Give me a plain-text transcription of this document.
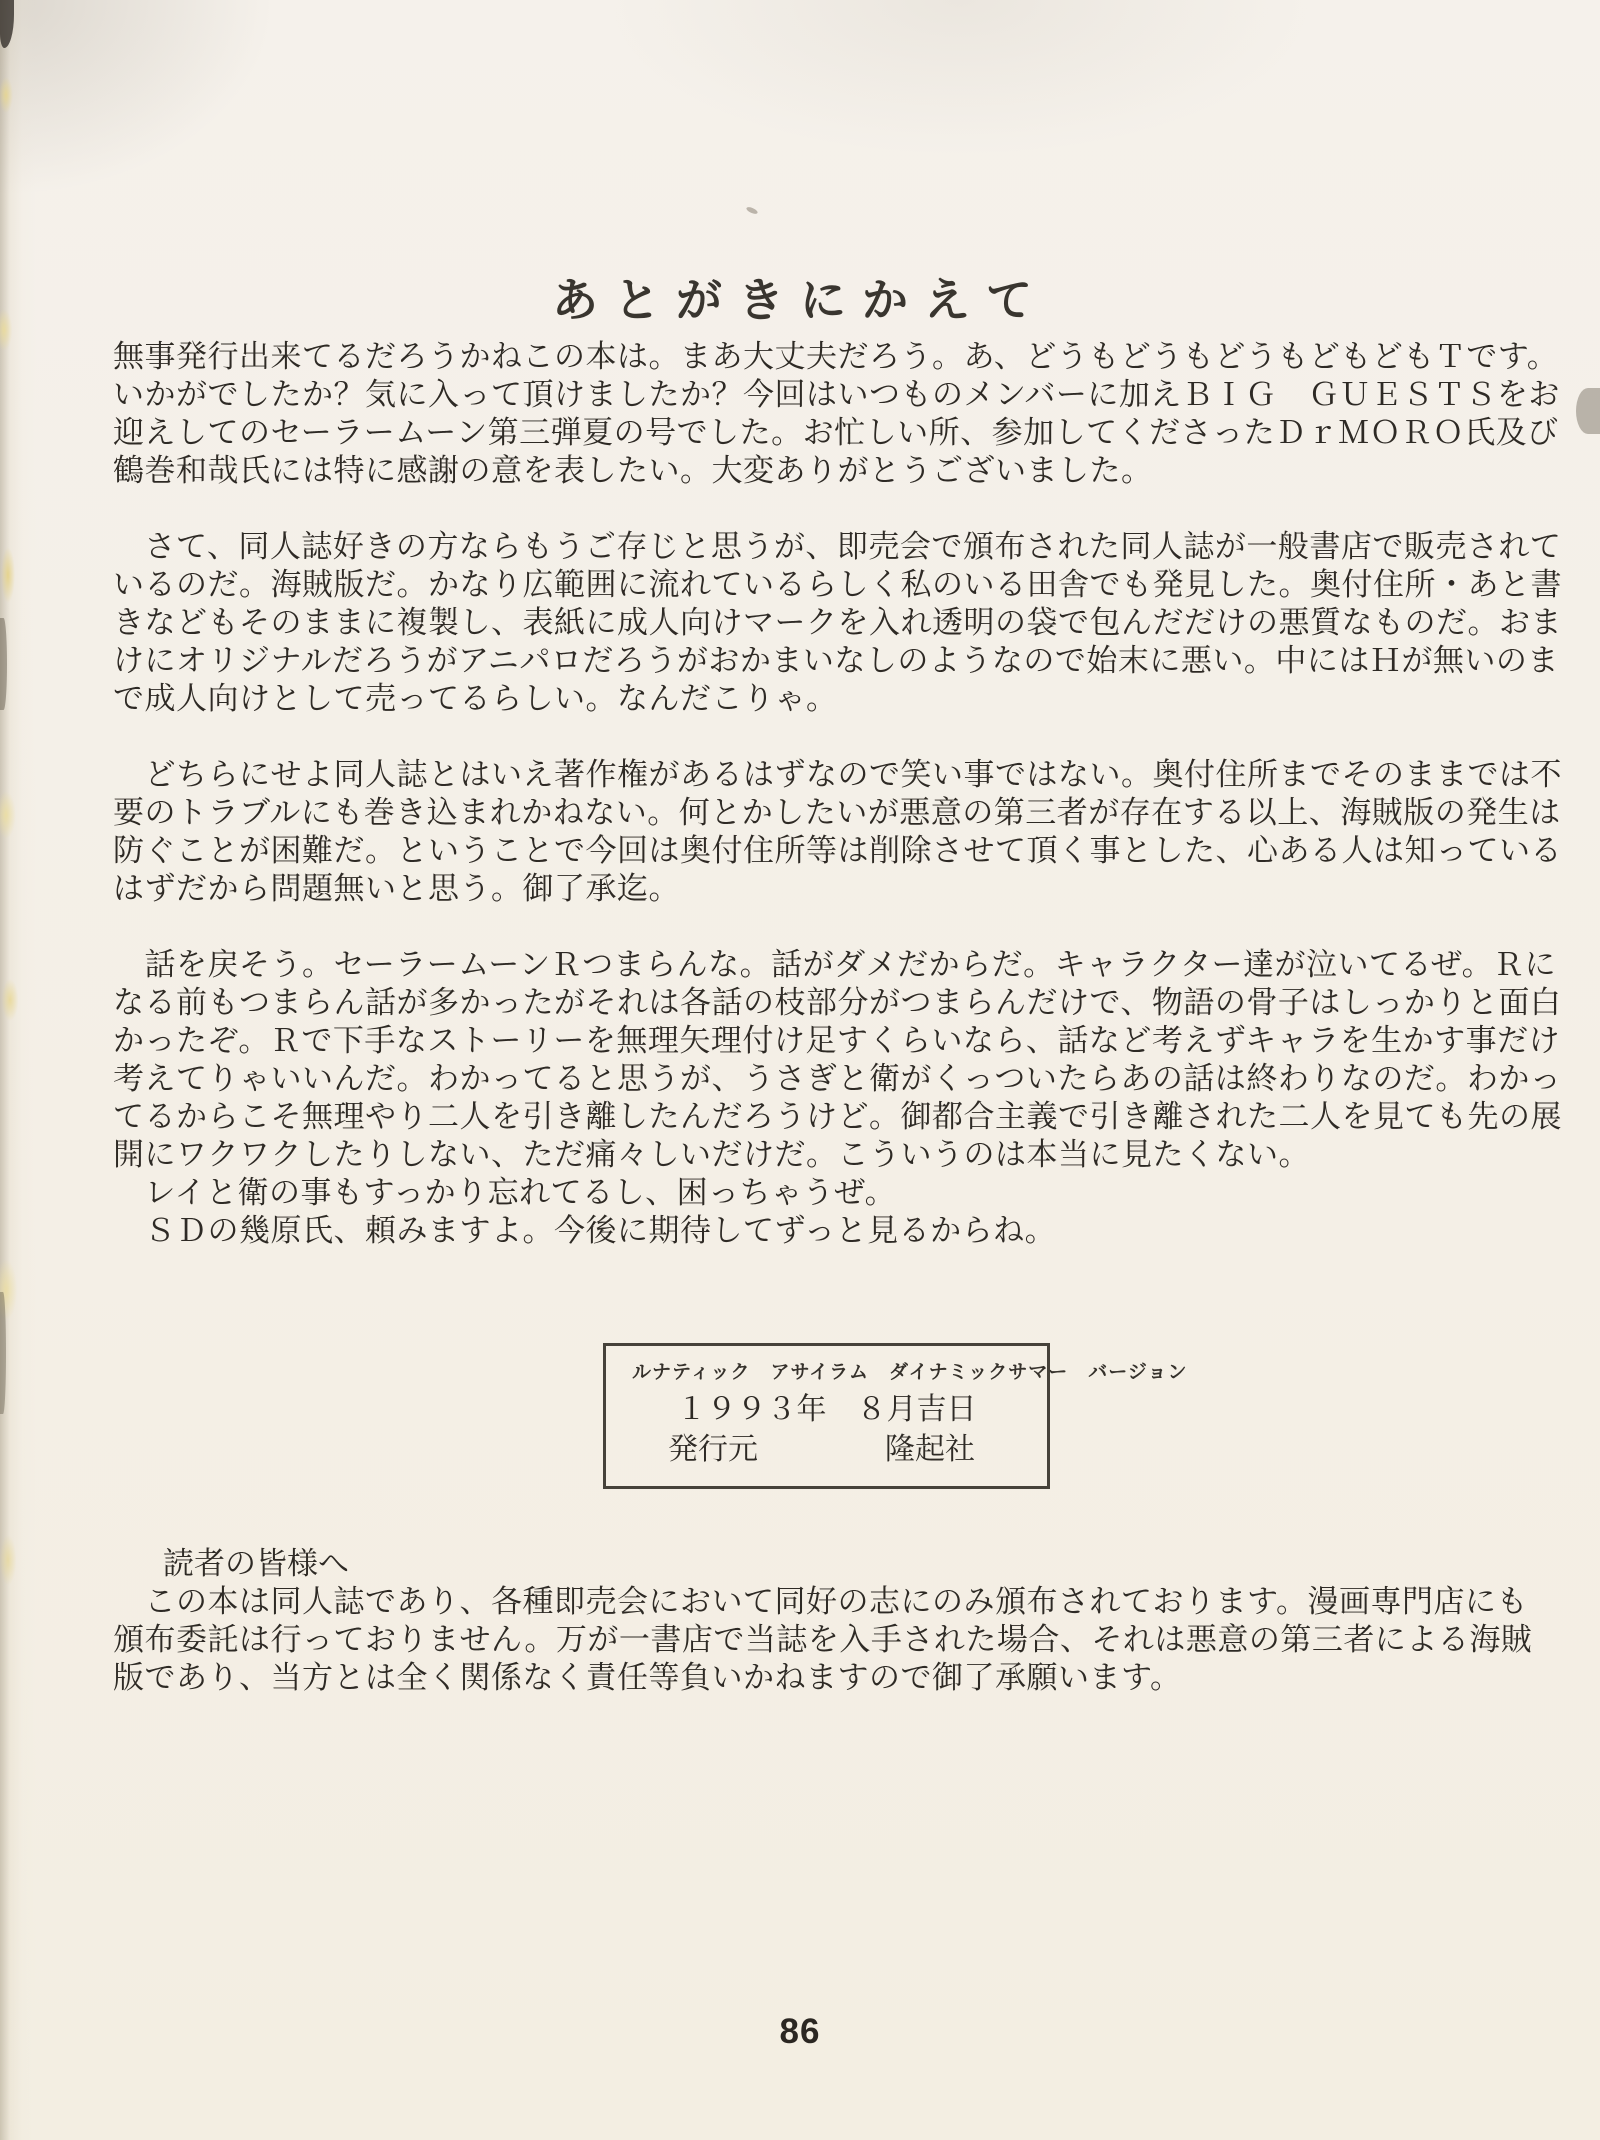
あとがきにかえて
無事発行出来てるだろうかねこの本は。まあ大丈夫だろう。あ、どうもどうもどうもどもどもＴです。
いかがでしたか？気に入って頂けましたか？今回はいつものメンバーに加えＢＩＧ　ＧＵＥＳＴＳをお
迎えしてのセーラームーン第三弾夏の号でした。お忙しい所、参加してくださったＤｒＭＯＲＯ氏及び
鶴巻和哉氏には特に感謝の意を表したい。大変ありがとうございました。
　さて、同人誌好きの方ならもうご存じと思うが、即売会で頒布された同人誌が一般書店で販売されて
いるのだ。海賊版だ。かなり広範囲に流れているらしく私のいる田舎でも発見した。奥付住所・あと書
きなどもそのままに複製し、表紙に成人向けマークを入れ透明の袋で包んだだけの悪質なものだ。おま
けにオリジナルだろうがアニパロだろうがおかまいなしのようなので始末に悪い。中にはＨが無いのま
で成人向けとして売ってるらしい。なんだこりゃ。
　どちらにせよ同人誌とはいえ著作権があるはずなので笑い事ではない。奥付住所までそのままでは不
要のトラブルにも巻き込まれかねない。何とかしたいが悪意の第三者が存在する以上、海賊版の発生は
防ぐことが困難だ。ということで今回は奥付住所等は削除させて頂く事とした、心ある人は知っている
はずだから問題無いと思う。御了承迄。
　話を戻そう。セーラームーンＲつまらんな。話がダメだからだ。キャラクター達が泣いてるぜ。Ｒに
なる前もつまらん話が多かったがそれは各話の枝部分がつまらんだけで、物語の骨子はしっかりと面白
かったぞ。Ｒで下手なストーリーを無理矢理付け足すくらいなら、話など考えずキャラを生かす事だけ
考えてりゃいいんだ。わかってると思うが、うさぎと衛がくっついたらあの話は終わりなのだ。わかっ
てるからこそ無理やり二人を引き離したんだろうけど。御都合主義で引き離された二人を見ても先の展
開にワクワクしたりしない、ただ痛々しいだけだ。こういうのは本当に見たくない。
　レイと衛の事もすっかり忘れてるし、困っちゃうぜ。
　ＳＤの幾原氏、頼みますよ。今後に期待してずっと見るからね。
ルナティック　アサイラム　ダイナミックサマー　バージョン
１９９３年　８月吉日
発行元	隆起社
読者の皆様へ
　この本は同人誌であり、各種即売会において同好の志にのみ頒布されております。漫画専門店にも
頒布委託は行っておりません。万が一書店で当誌を入手された場合、それは悪意の第三者による海賊
版であり、当方とは全く関係なく責任等負いかねますので御了承願います。
86
